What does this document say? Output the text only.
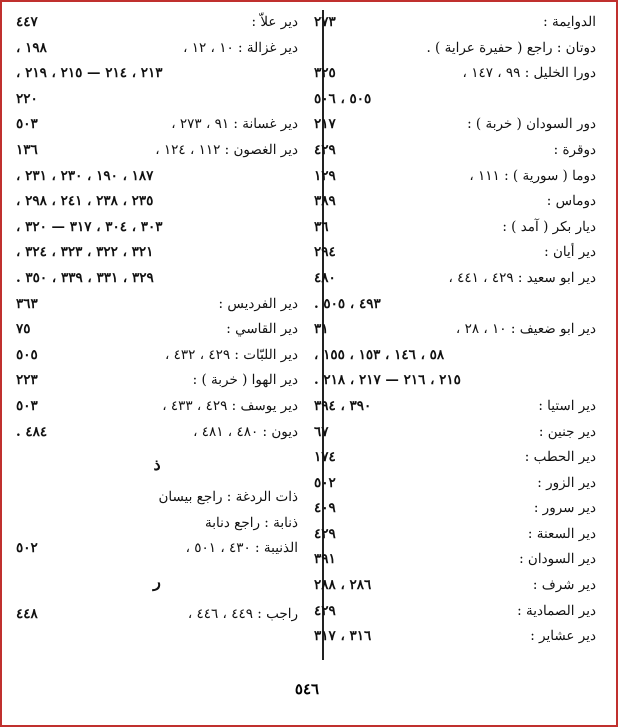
الدوايمة :
٢٧٣
دوتان : راجع ( حفيرة عراية ) .
دورا الخليل : ٩٩ ، ١٤٧ ،
٣٢٥
٥٠٥ ، ٥٠٦
دور السودان ( خربة ) :
٢١٧
دوقرة :
٤٢٩
دوما ( سورية ) : ١١١ ،
١٢٩
دوماس :
٣٨٩
ديار بكر ( آمد ) :
٣٦
دير أيان :
٢٩٤
دير ابو سعيد : ٤٢٩ ، ٤٤١ ،
٤٨٠
٤٩٣ ، ٥٠٥ .
دير ابو ضعيف : ١٠ ، ٢٨ ،
٣١
٥٨ ، ١٤٦ ، ١٥٣ ، ١٥٥ ،
٢١٥ ، ٢١٦ — ٢١٧ ، ٢١٨ .
دير استيا :
٣٩٠ ، ٣٩٤
دير جنين :
٦٧
دير الحطب :
١٧٤
دير الزور :
٥٠٢
دير سرور :
٤٠٩
دير السعنة :
٤٢٩
دير السودان :
٣٩١
دير شرف :
٢٨٦ ، ٢٨٨
دير الصمادية :
٤٢٩
دير عشاير :
٣١٦ ، ٣١٧
دير علاّ :
٤٤٧
دير غزالة : ١٠ ، ١٢ ،
١٩٨ ،
٢١٣ ، ٢١٤ — ٢١٥ ، ٢١٩ ،
٢٢٠
دير غسانة : ٩١ ، ٢٧٣ ،
٥٠٣
دير الغصون : ١١٢ ، ١٢٤ ،
١٣٦
١٨٧ ، ١٩٠ ، ٢٣٠ ، ٢٣١ ،
٢٣٥ ، ٢٣٨ ، ٢٤١ ، ٢٩٨ ،
٣٠٣ ، ٣٠٤ ، ٣١٧ — ٣٢٠ ،
٣٢١ ، ٣٢٢ ، ٣٢٣ ، ٣٢٤ ،
٣٢٩ ، ٣٣١ ، ٣٣٩ ، ٣٥٠ .
دير الفرديس :
٣٦٣
دير القاسي :
٧٥
دير اللبّات : ٤٢٩ ، ٤٣٢ ،
٥٠٥
دير الهوا ( خربة ) :
٢٢٣
دير يوسف : ٤٢٩ ، ٤٣٣ ،
٥٠٣
ديون : ٤٨٠ ، ٤٨١ ،
٤٨٤ .
ذ
ذات الردغة : راجع بيسان
ذنابة : راجع دنابة
الذنيبة : ٤٣٠ ، ٥٠١ ،
٥٠٢
ر
راجب : ٤٤٩ ، ٤٤٦ ،
٤٤٨
٥٤٦
